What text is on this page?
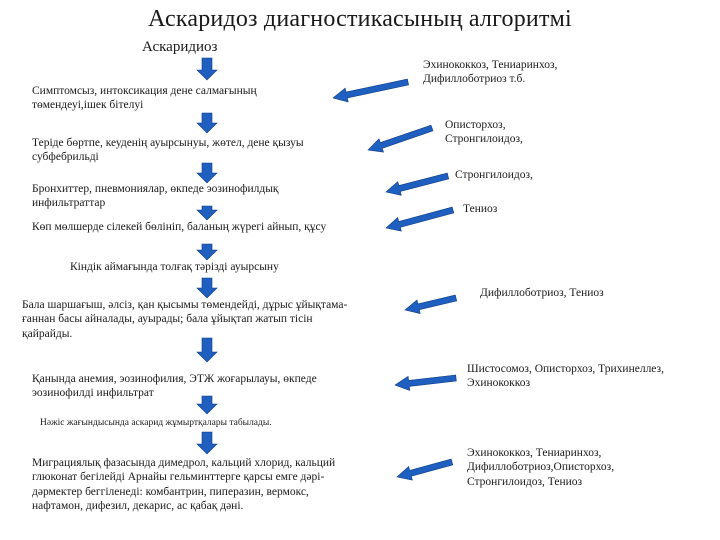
Аскаридоз диагностикасының алгоритмі
Аскаридиоз
Симптомсыз, интоксикация дене салмағының
төмендеуі,ішек бітелуі
Теріде бөртпе, кеуденің ауырсынуы, жөтел, дене қызуы
субфебрильді
Бронхиттер, пневмониялар, өкпеде эозинофилдық
инфильтраттар
Көп мөлшерде сілекей бөлініп, баланың жүрегі айнып, құсу
Кіндік аймағында толғақ тәрізді ауырсыну
Бала шаршағыш, әлсіз, қан қысымы төмендейді, дұрыс ұйықтама-
ғаннан басы айналады, ауырады; бала ұйықтап жатып тісін
қайрайды.
Қанында анемия, эозинофилия, ЭТЖ жоғарылауы, өкпеде
эозинофилді инфильтрат
Нәжіс жағындысында аскарид жұмыртқалары табылады.
Миграциялық фазасында димедрол, кальций хлорид, кальций
глюконат бегілейді Арнайы гельминттерге қарсы емге дәрі-
дәрмектер беггіленеді: комбантрин, пиперазин, вермокс,
нафтамон, дифезил, декарис, ас қабақ дәні.
Эхинококкоз, Тениаринхоз,
Дифиллоботриоз т.б.
Описторхоз,
Стронгилоидоз,
Стронгилоидоз,
Тениоз
Дифиллоботриоз, Тениоз
Шистосомоз, Описторхоз, Трихинеллез,
Эхинококкоз
Эхинококкоз, Тениаринхоз,
Дифиллоботриоз,Описторхоз,
Стронгилоидоз, Тениоз
